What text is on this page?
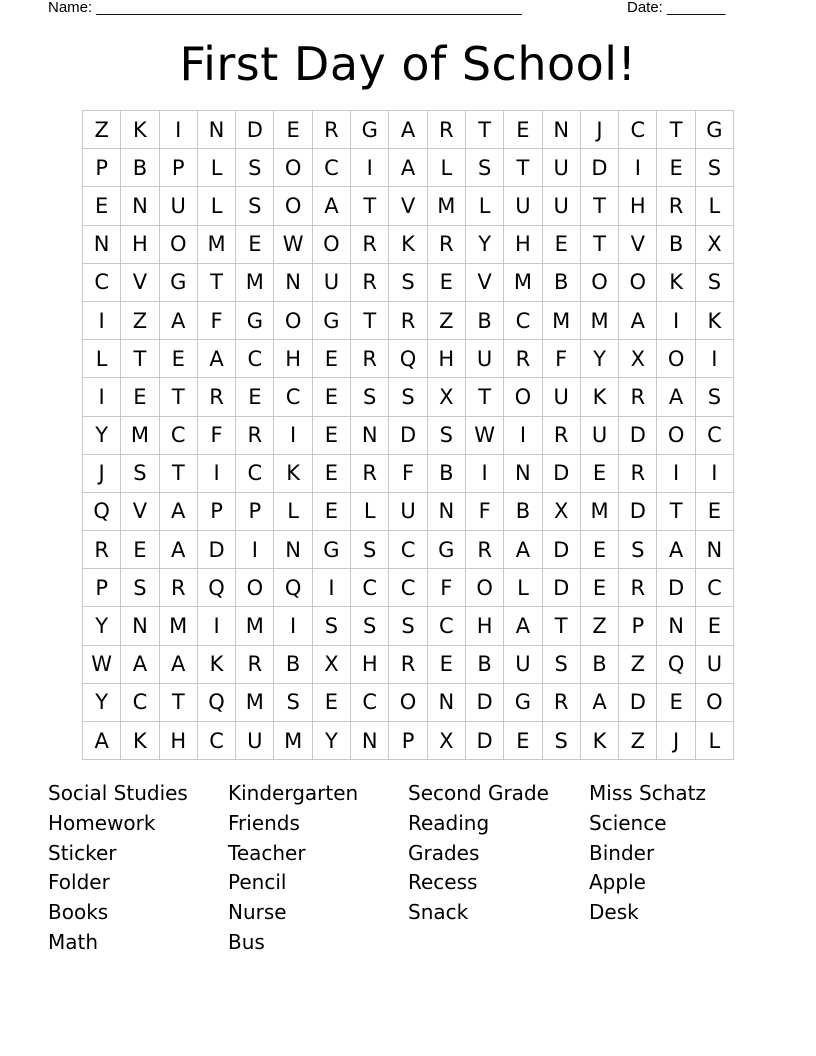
Name: ___________________________________________________	Date: _______
First Day of School!
Z	K	I	N	D	E	R	G	A	R	T	E	N	J	C	T	G
P	B	P	L	S	O	C	I	A	L	S	T	U	D	I	E	S
E	N	U	L	S	O	A	T	V	M	L	U	U	T	H	R	L
N	H	O	M	E	W	O	R	K	R	Y	H	E	T	V	B	X
C	V	G	T	M	N	U	R	S	E	V	M	B	O	O	K	S
I	Z	A	F	G	O	G	T	R	Z	B	C	M	M	A	I	K
L	T	E	A	C	H	E	R	Q	H	U	R	F	Y	X	O	I
I	E	T	R	E	C	E	S	S	X	T	O	U	K	R	A	S
Y	M	C	F	R	I	E	N	D	S	W	I	R	U	D	O	C
J	S	T	I	C	K	E	R	F	B	I	N	D	E	R	I	I
Q	V	A	P	P	L	E	L	U	N	F	B	X	M	D	T	E
R	E	A	D	I	N	G	S	C	G	R	A	D	E	S	A	N
P	S	R	Q	O	Q	I	C	C	F	O	L	D	E	R	D	C
Y	N	M	I	M	I	S	S	S	C	H	A	T	Z	P	N	E
W	A	A	K	R	B	X	H	R	E	B	U	S	B	Z	Q	U
Y	C	T	Q	M	S	E	C	O	N	D	G	R	A	D	E	O
A	K	H	C	U	M	Y	N	P	X	D	E	S	K	Z	J	L
Social Studies
Homework
Sticker
Folder
Books
Math
Kindergarten
Friends
Teacher
Pencil
Nurse
Bus
Second Grade
Reading
Grades
Recess
Snack
Miss Schatz
Science
Binder
Apple
Desk
